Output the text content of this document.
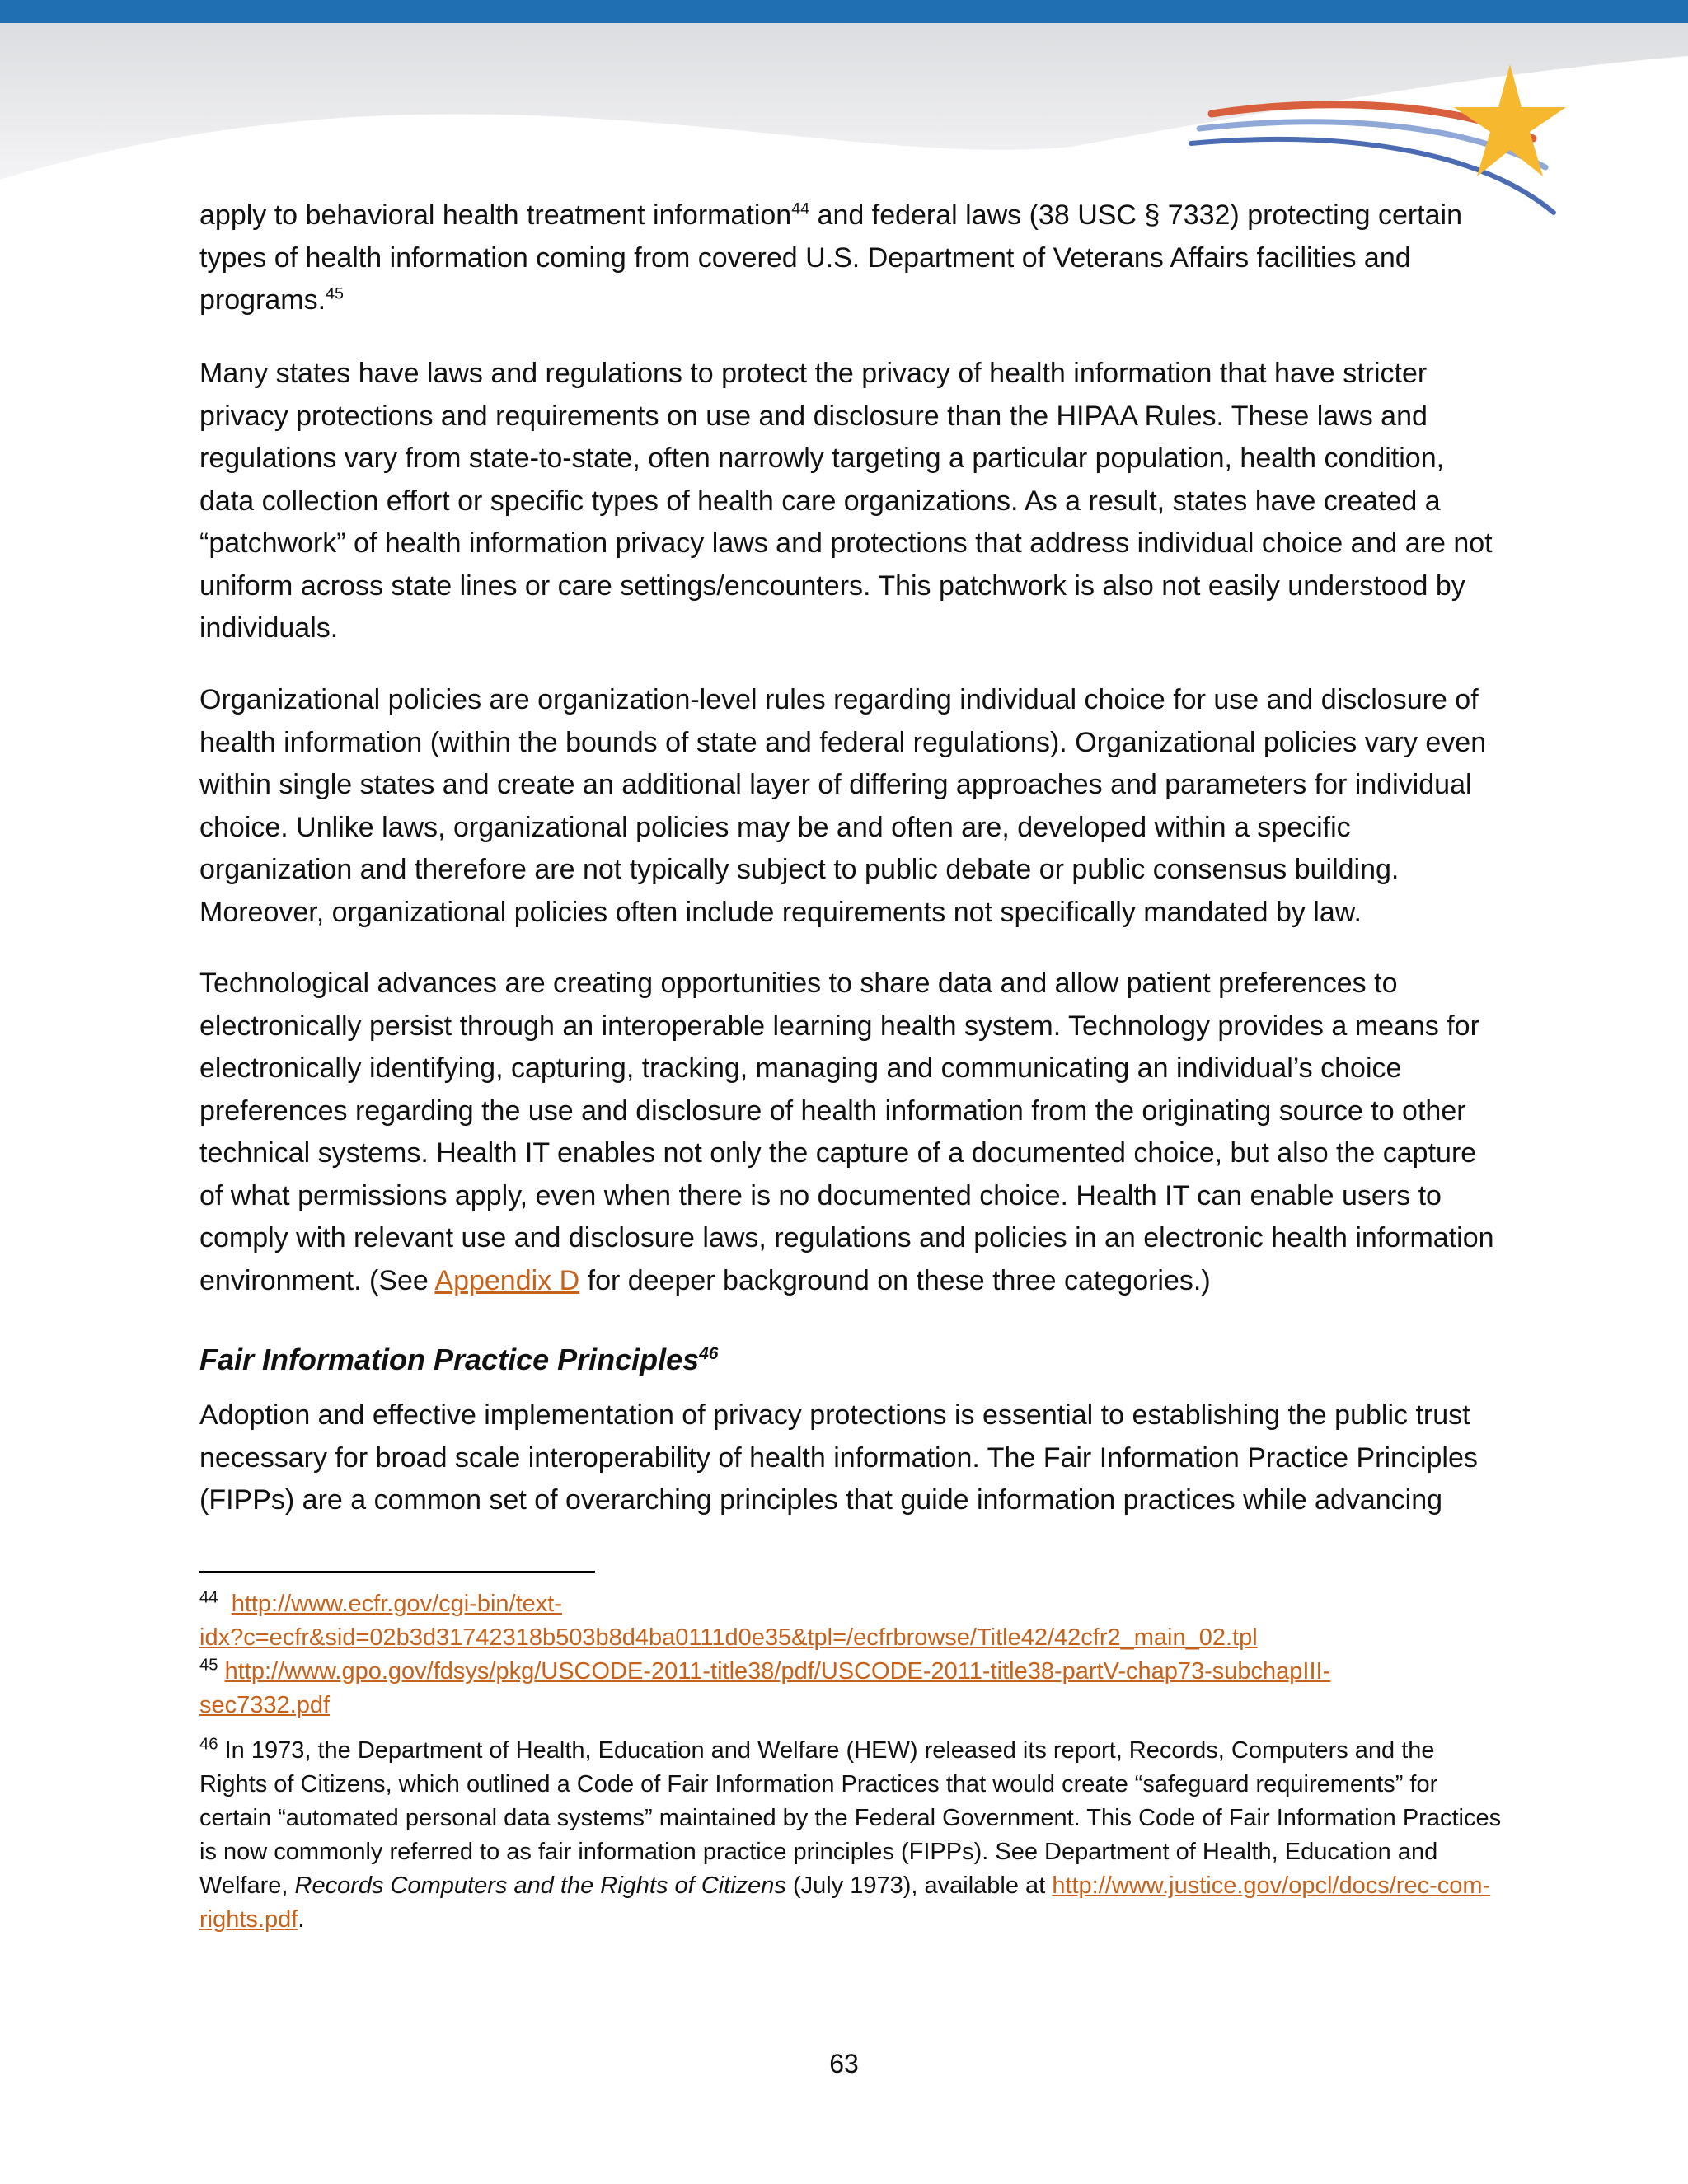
apply to behavioral health treatment information$^{44}$ and federal laws (38 USC § 7332) protecting certain types of health information coming from covered U.S. Department of Veterans Affairs facilities and programs.$^{45}$

Many states have laws and regulations to protect the privacy of health information that have stricter privacy protections and requirements on use and disclosure than the HIPAA Rules. These laws and regulations vary from state-to-state, often narrowly targeting a particular population, health condition, data collection effort or specific types of health care organizations. As a result, states have created a “patchwork” of health information privacy laws and protections that address individual choice and are not uniform across state lines or care settings/encounters. This patchwork is also not easily understood by individuals.

Organizational policies are organization-level rules regarding individual choice for use and disclosure of health information (within the bounds of state and federal regulations). Organizational policies vary even within single states and create an additional layer of differing approaches and parameters for individual choice. Unlike laws, organizational policies may be and often are, developed within a specific organization and therefore are not typically subject to public debate or public consensus building. Moreover, organizational policies often include requirements not specifically mandated by law.

Technological advances are creating opportunities to share data and allow patient preferences to electronically persist through an interoperable learning health system. Technology provides a means for electronically identifying, capturing, tracking, managing and communicating an individual’s choice preferences regarding the use and disclosure of health information from the originating source to other technical systems. Health IT enables not only the capture of a documented choice, but also the capture of what permissions apply, even when there is no documented choice. Health IT can enable users to comply with relevant use and disclosure laws, regulations and policies in an electronic health information environment. (See Appendix D for deeper background on these three categories.)

Fair Information Practice Principles$^{46}$

Adoption and effective implementation of privacy protections is essential to establishing the public trust necessary for broad scale interoperability of health information. The Fair Information Practice Principles (FIPPs) are a common set of overarching principles that guide information practices while advancing

$^{44}$ http://www.ecfr.gov/cgi-bin/text-
idx?c=ecfr&sid=02b3d31742318b503b8d4ba0111d0e35&tpl=/ecfrbrowse/Title42/42cfr2_main_02.tpl

$^{45}$ http://www.gpo.gov/fdsys/pkg/USCODE-2011-title38/pdf/USCODE-2011-title38-partV-chap73-subchapIII-
sec7332.pdf

$^{46}$ In 1973, the Department of Health, Education and Welfare (HEW) released its report, Records, Computers and the Rights of Citizens, which outlined a Code of Fair Information Practices that would create “safeguard requirements” for certain “automated personal data systems” maintained by the Federal Government. This Code of Fair Information Practices is now commonly referred to as fair information practice principles (FIPPs). See Department of Health, Education and Welfare, Records Computers and the Rights of Citizens (July 1973), available at http://www.justice.gov/opcl/docs/rec-com-rights.pdf.

63
